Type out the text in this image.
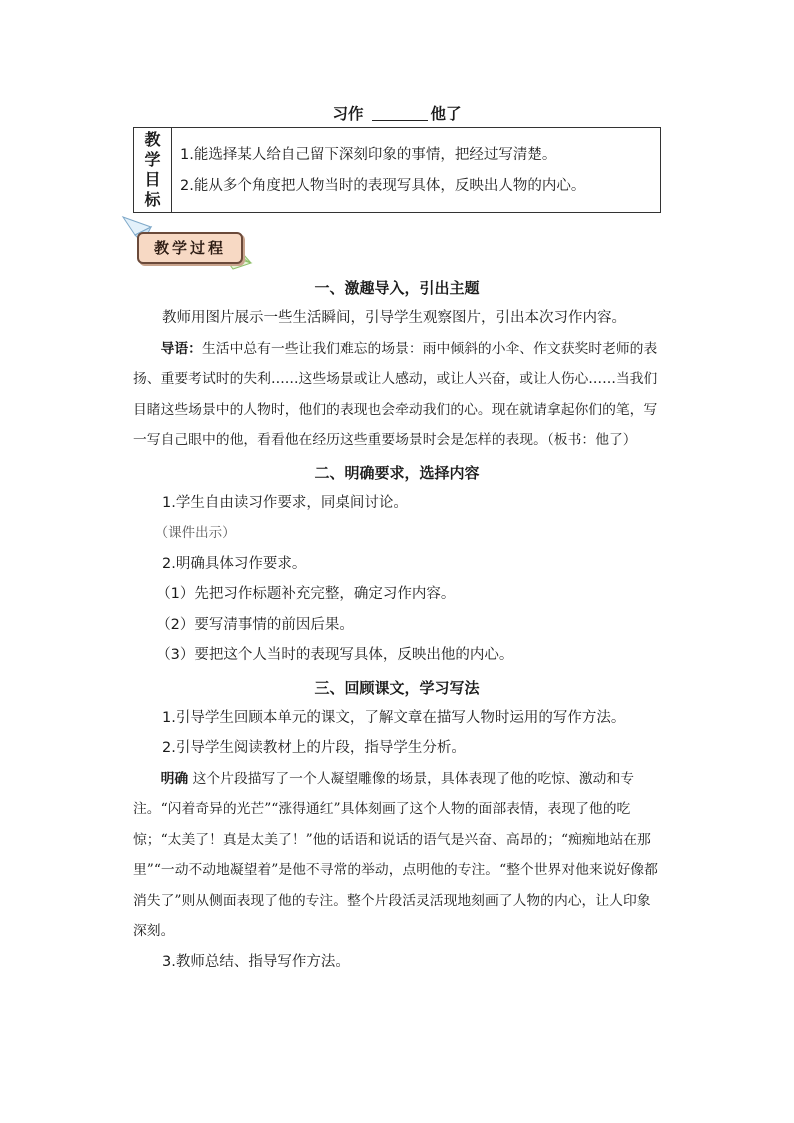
习作	他了
教
学
目
标
1.能选择某人给自己留下深刻印象的事情，把经过写清楚。
2.能从多个角度把人物当时的表现写具体，反映出人物的内心。
教学过程
一、激趣导入，引出主题

教师用图片展示一些生活瞬间，引导学生观察图片，引出本次习作内容。

导语：生活中总有一些让我们难忘的场景：雨中倾斜的小伞、作文获奖时老师的表扬、重要考试时的失利……这些场景或让人感动，或让人兴奋，或让人伤心……当我们目睹这些场景中的人物时，他们的表现也会牵动我们的心。现在就请拿起你们的笔，写一写自己眼中的他，看看他在经历这些重要场景时会是怎样的表现。（板书：他了）

二、明确要求，选择内容

1.学生自由读习作要求，同桌间讨论。

（课件出示）

2.明确具体习作要求。

（1）先把习作标题补充完整，确定习作内容。

（2）要写清事情的前因后果。

（3）要把这个人当时的表现写具体，反映出他的内心。

三、回顾课文，学习写法

1.引导学生回顾本单元的课文，了解文章在描写人物时运用的写作方法。

2.引导学生阅读教材上的片段，指导学生分析。

明确 这个片段描写了一个人凝望雕像的场景，具体表现了他的吃惊、激动和专注。“闪着奇异的光芒”“涨得通红”具体刻画了这个人物的面部表情，表现了他的吃惊；“太美了！真是太美了！”他的话语和说话的语气是兴奋、高昂的；“痴痴地站在那里”“一动不动地凝望着”是他不寻常的举动，点明他的专注。“整个世界对他来说好像都消失了”则从侧面表现了他的专注。整个片段活灵活现地刻画了人物的内心，让人印象深刻。

3.教师总结、指导写作方法。
